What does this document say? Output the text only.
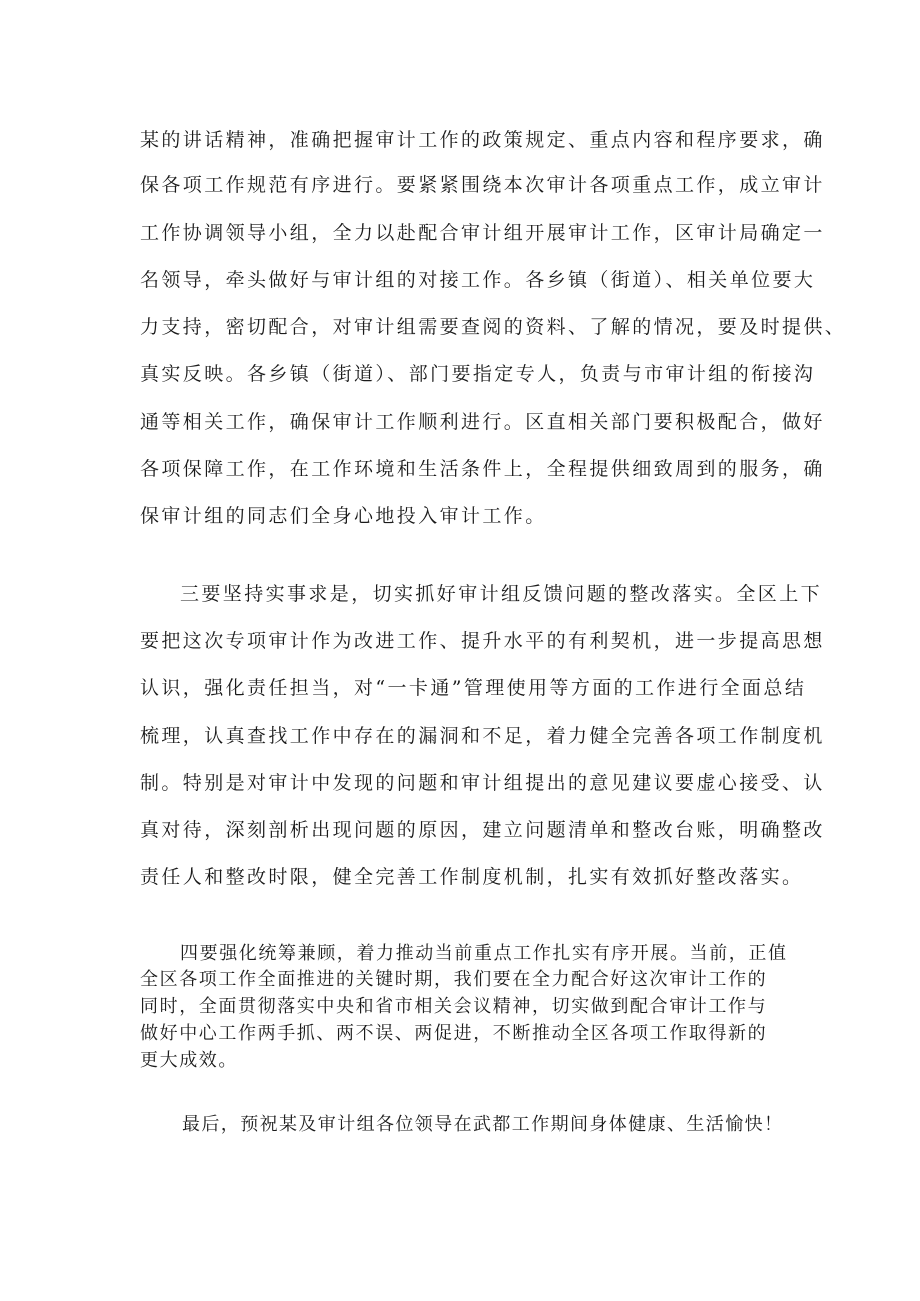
某的讲话精神，准确把握审计工作的政策规定、重点内容和程序要求，确

保各项工作规范有序进行。要紧紧围绕本次审计各项重点工作，成立审计

工作协调领导小组，全力以赴配合审计组开展审计工作，区审计局确定一

名领导，牵头做好与审计组的对接工作。各乡镇（街道）、相关单位要大

力支持，密切配合，对审计组需要查阅的资料、了解的情况，要及时提供、

真实反映。各乡镇（街道）、部门要指定专人，负责与市审计组的衔接沟

通等相关工作，确保审计工作顺利进行。区直相关部门要积极配合，做好

各项保障工作，在工作环境和生活条件上，全程提供细致周到的服务，确

保审计组的同志们全身心地投入审计工作。

三要坚持实事求是，切实抓好审计组反馈问题的整改落实。全区上下

要把这次专项审计作为改进工作、提升水平的有利契机，进一步提高思想

认识，强化责任担当，对“一卡通”管理使用等方面的工作进行全面总结

梳理，认真查找工作中存在的漏洞和不足，着力健全完善各项工作制度机

制。特别是对审计中发现的问题和审计组提出的意见建议要虚心接受、认

真对待，深刻剖析出现问题的原因，建立问题清单和整改台账，明确整改

责任人和整改时限，健全完善工作制度机制，扎实有效抓好整改落实。

四要强化统筹兼顾，着力推动当前重点工作扎实有序开展。当前，正值

全区各项工作全面推进的关键时期，我们要在全力配合好这次审计工作的

同时，全面贯彻落实中央和省市相关会议精神，切实做到配合审计工作与

做好中心工作两手抓、两不误、两促进，不断推动全区各项工作取得新的

更大成效。

最后，预祝某及审计组各位领导在武都工作期间身体健康、生活愉快！
